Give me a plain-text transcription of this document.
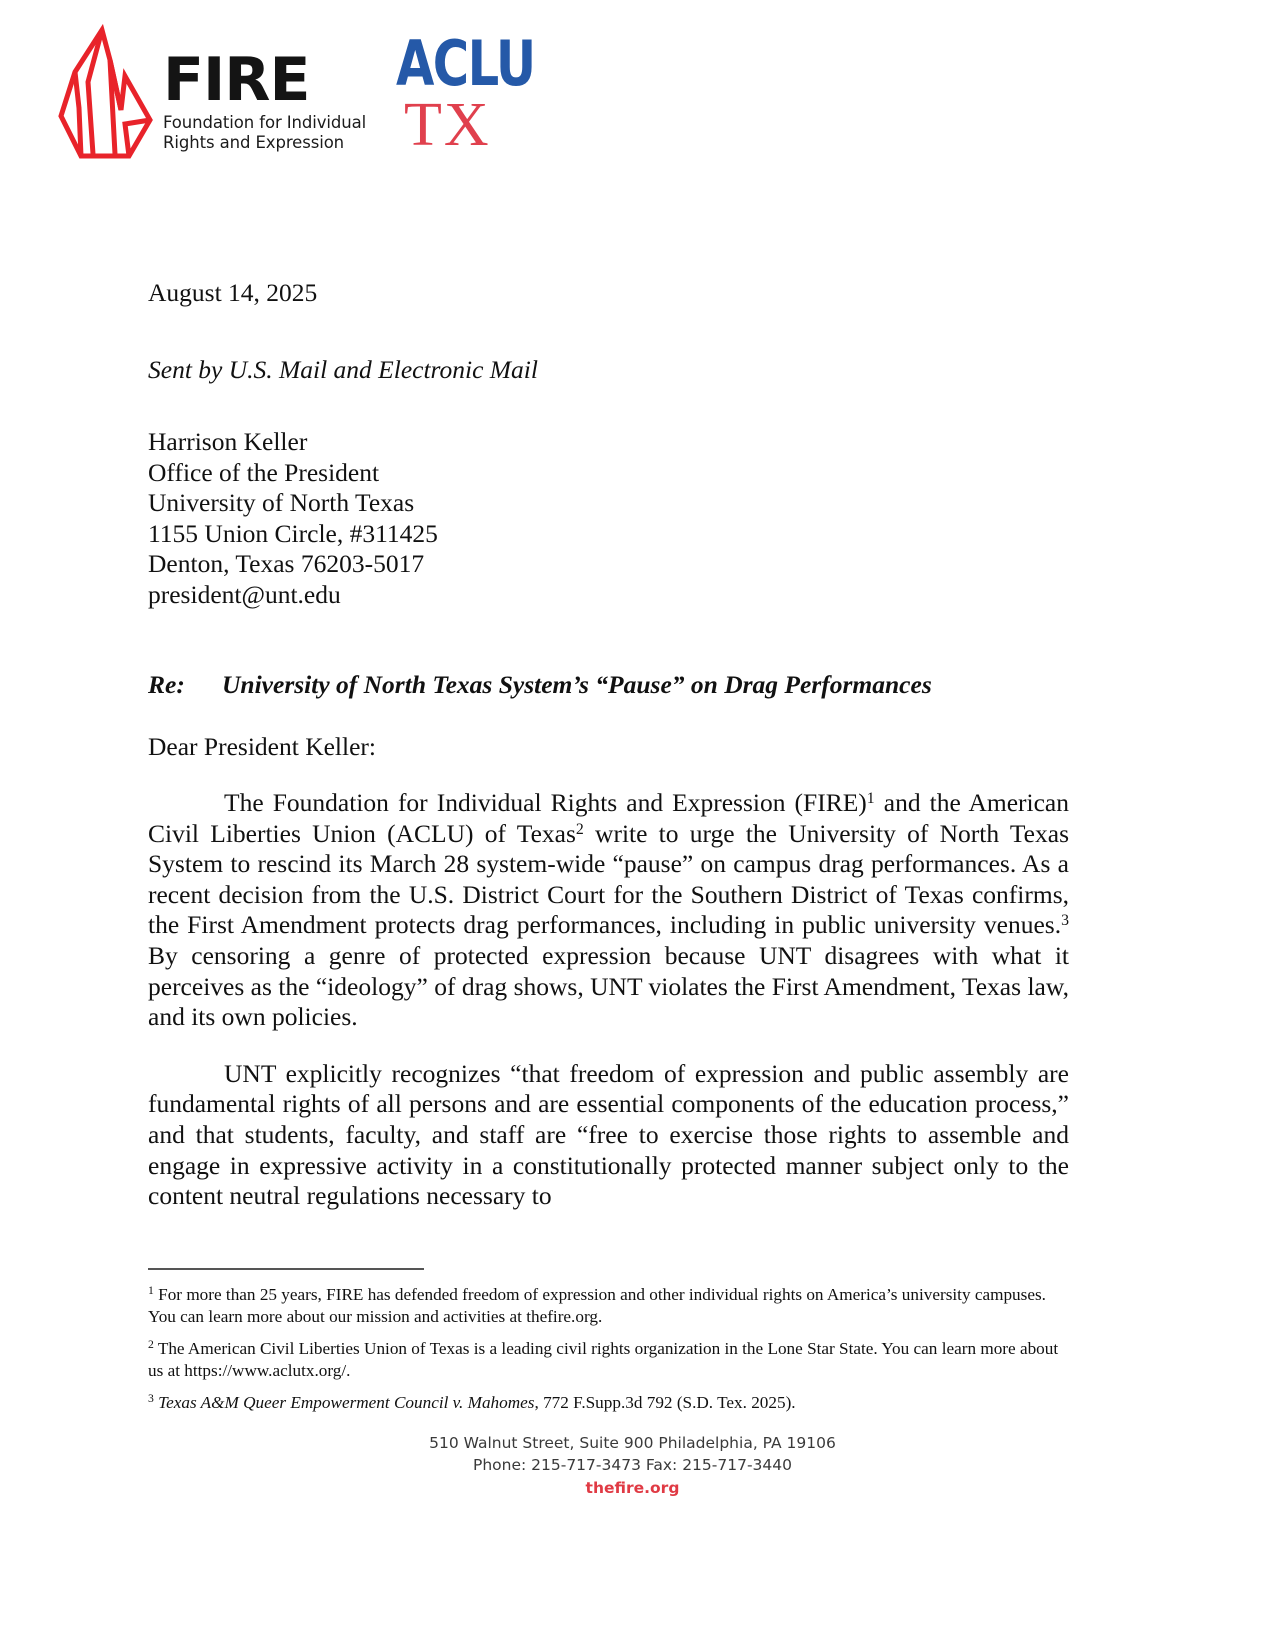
FIRE
Foundation for Individual
Rights and Expression
ACLU
TX
August 14, 2025
Sent by U.S. Mail and Electronic Mail
Harrison Keller
Office of the President
University of North Texas
1155 Union Circle, #311425
Denton, Texas 76203-5017
president@unt.edu
Re:	University of North Texas System’s “Pause” on Drag Performances
Dear President Keller:
The Foundation for Individual Rights and Expression (FIRE)$^1$ and the American Civil Liberties Union (ACLU) of Texas$^2$ write to urge the University of North Texas System to rescind its March 28 system-wide “pause” on campus drag performances. As a recent decision from the U.S. District Court for the Southern District of Texas confirms, the First Amendment protects drag performances, including in public university venues.$^3$ By censoring a genre of protected expression because UNT disagrees with what it perceives as the “ideology” of drag shows, UNT violates the First Amendment, Texas law, and its own policies.
UNT explicitly recognizes “that freedom of expression and public assembly are fundamental rights of all persons and are essential components of the education process,” and that students, faculty, and staff are “free to exercise those rights to assemble and engage in expressive activity in a constitutionally protected manner subject only to the content neutral regulations necessary to
$^1$ For more than 25 years, FIRE has defended freedom of expression and other individual rights on America’s university campuses. You can learn more about our mission and activities at thefire.org.
$^2$ The American Civil Liberties Union of Texas is a leading civil rights organization in the Lone Star State. You can learn more about us at https://www.aclutx.org/.
$^3$ Texas A&M Queer Empowerment Council v. Mahomes, 772 F.Supp.3d 792 (S.D. Tex. 2025).
510 Walnut Street, Suite 900 Philadelphia, PA 19106
Phone: 215-717-3473 Fax: 215-717-3440
thefire.org
